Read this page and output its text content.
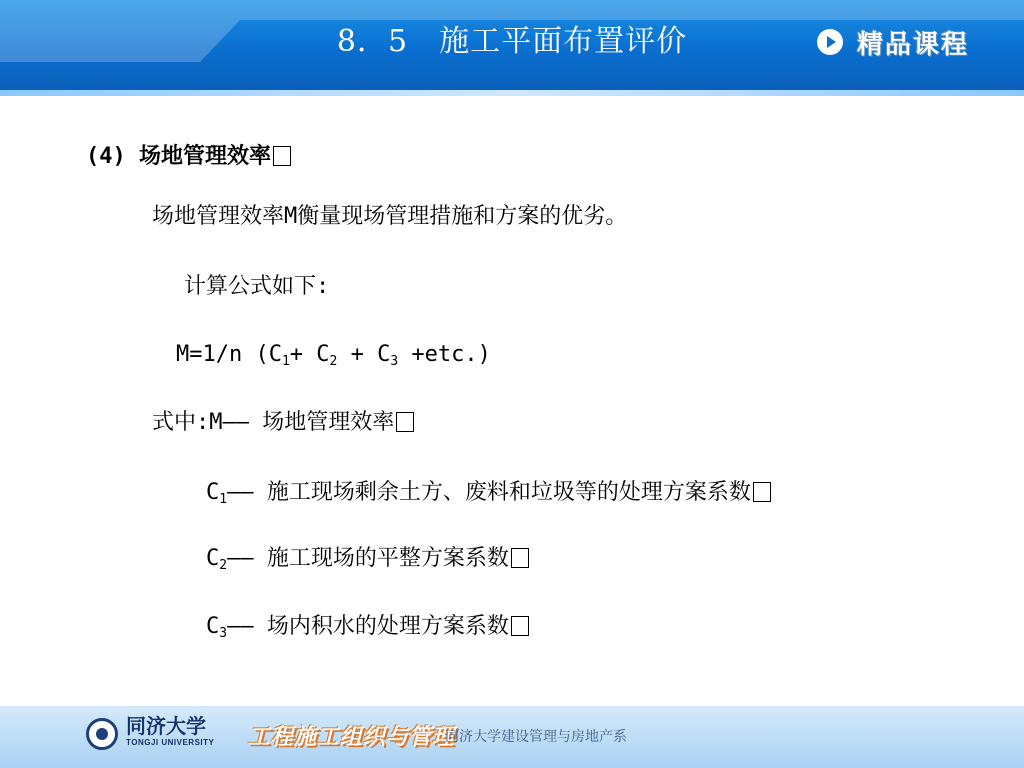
8．5　施工平面布置评价	精品课程
(4) 场地管理效率
场地管理效率M衡量现场管理措施和方案的优劣。
计算公式如下:
M=1/n $(C_1+ C_2 + C_3 +etc.)$
式中:M—— 场地管理效率
$C_1——$ 施工现场剩余土方、废料和垃圾等的处理方案系数
$C_2——$ 施工现场的平整方案系数
$C_3——$ 场内积水的处理方案系数
同济大学
TONGJI UNIVERSITY 工程施工组织与管理
同济大学建设管理与房地产系
